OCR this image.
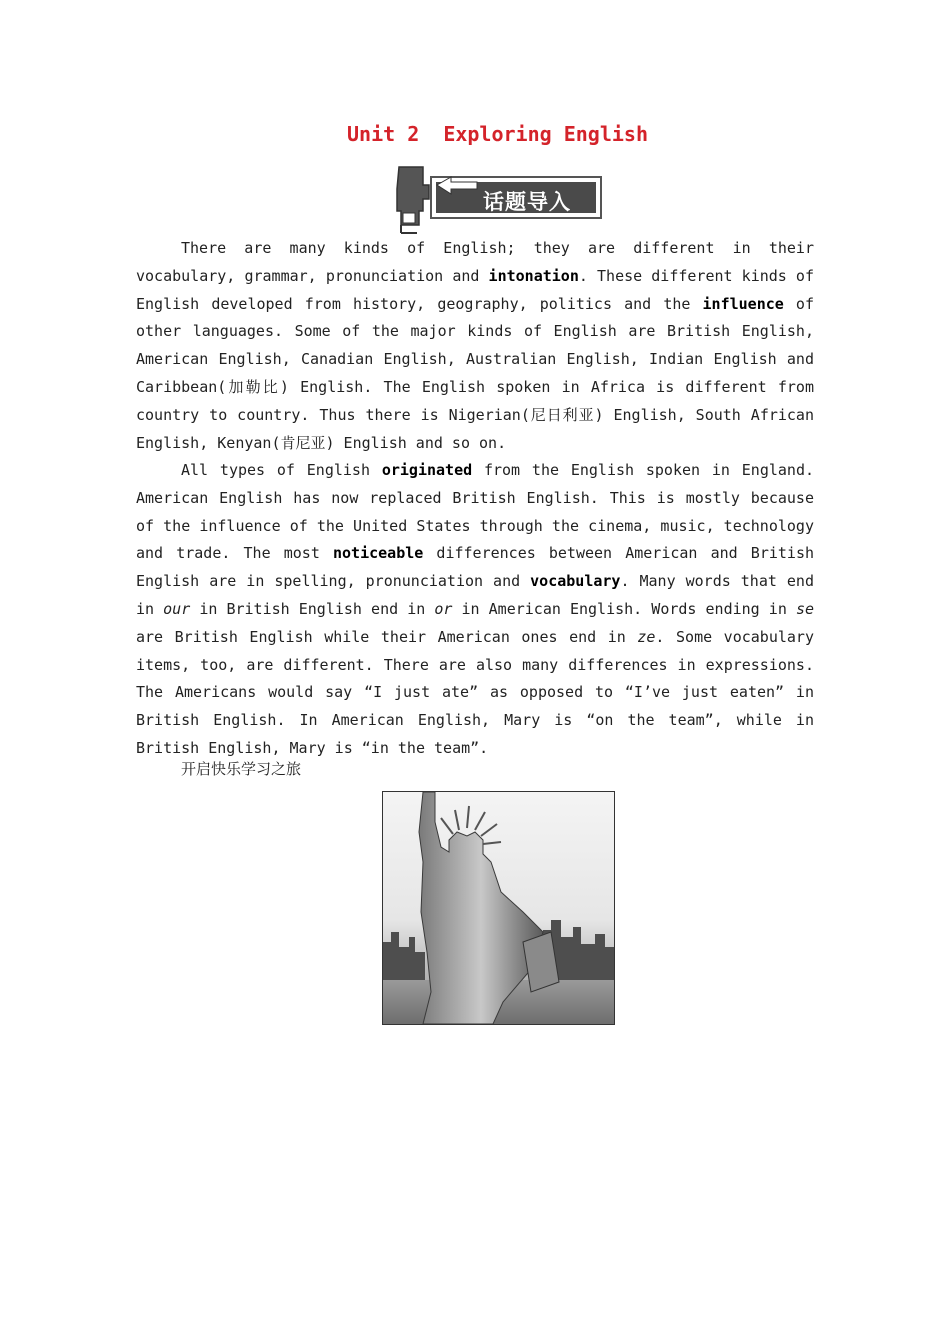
Unit 2  Exploring English
话题导入
There are many kinds of English; they are different in their vocabulary, grammar, pronunciation and intonation. These different kinds of English developed from history, geography, politics and the influence of other languages. Some of the major kinds of English are British English, American English, Canadian English, Australian English, Indian English and Caribbean(加勒比) English. The English spoken in Africa is different from country to country. Thus there is Nigerian(尼日利亚) English, South African English, Kenyan(肯尼亚) English and so on.
All types of English originated from the English spoken in England. American English has now replaced British English. This is mostly because of the influence of the United States through the cinema, music, technology and trade. The most noticeable differences between American and British English are in spelling, pronunciation and vocabulary. Many words that end in our in British English end in or in American English. Words ending in se are British English while their American ones end in ze. Some vocabulary items, too, are different. There are also many differences in expressions. The Americans would say “I just ate” as opposed to “I’ve just eaten” in British English. In American English, Mary is “on the team”, while in British English, Mary is “in the team”.
开启快乐学习之旅
